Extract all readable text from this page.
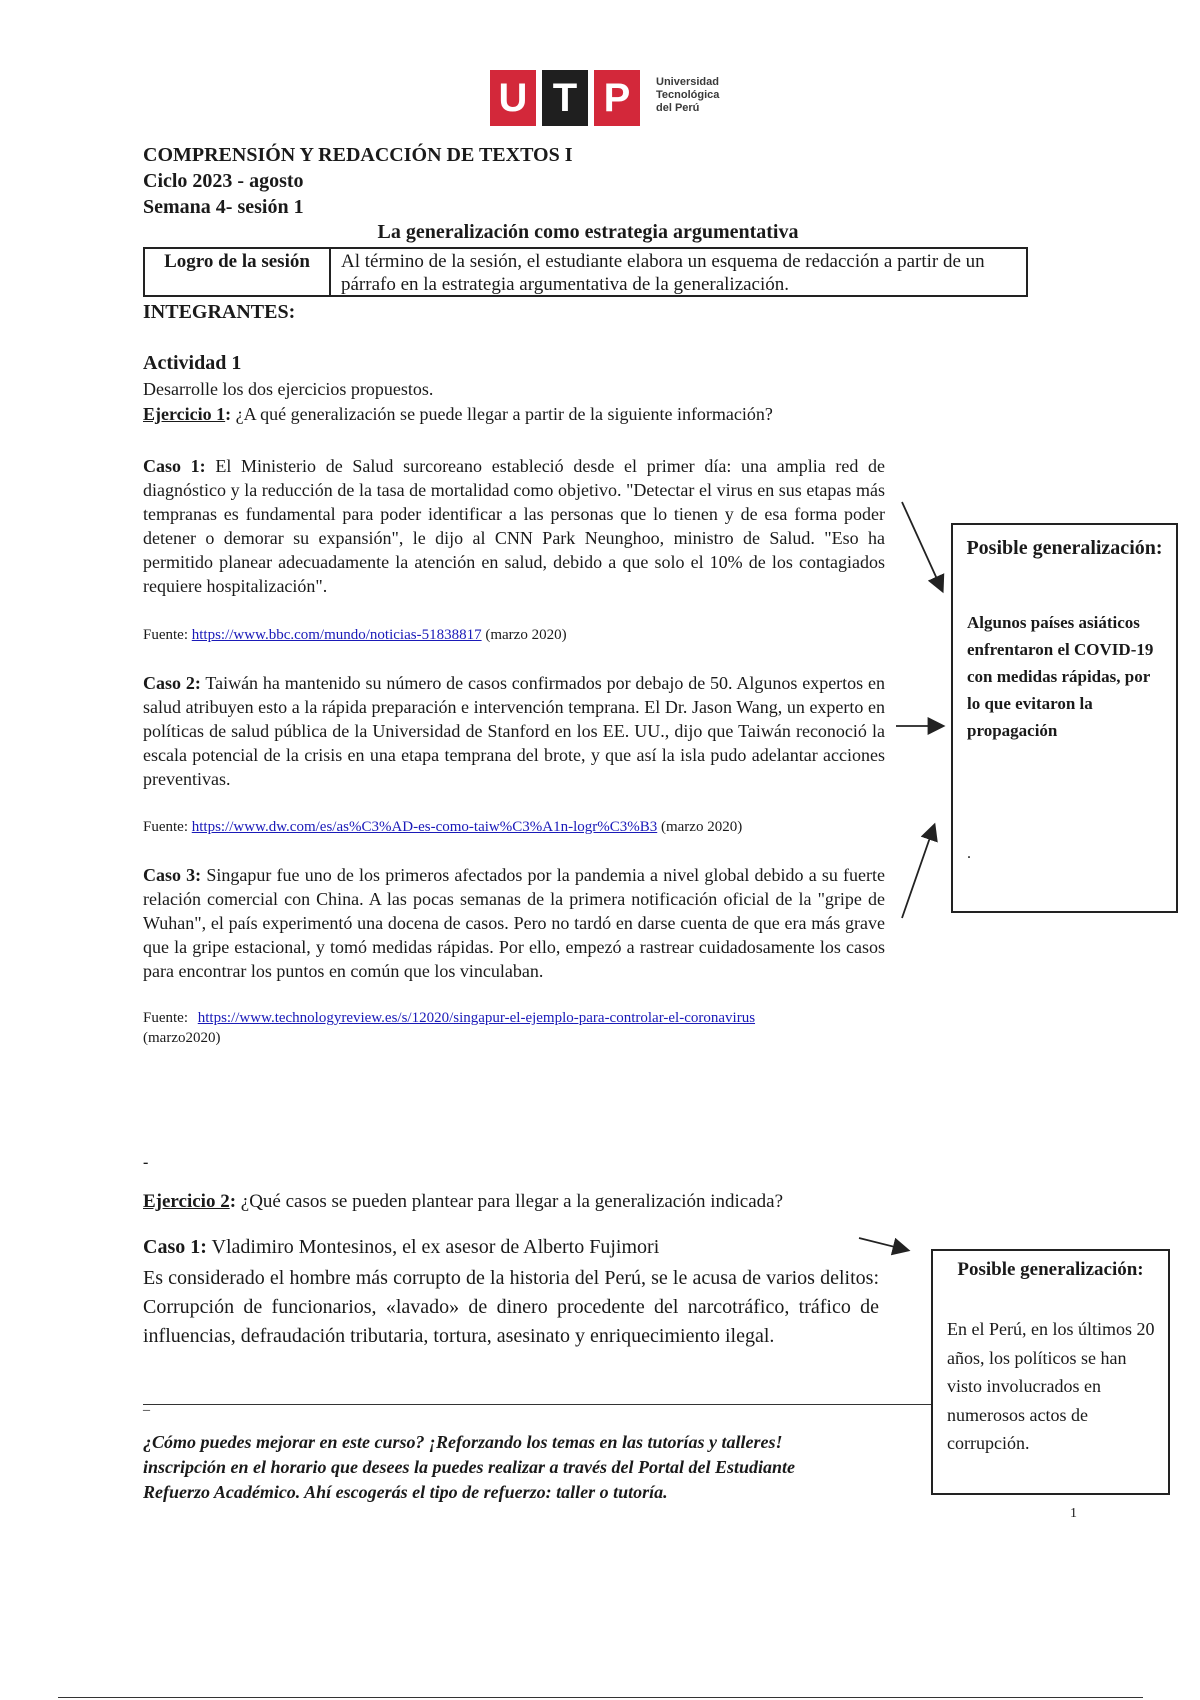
U T P	Universidad
Tecnológica
del Perú
COMPRENSIÓN Y REDACCIÓN DE TEXTOS I
Ciclo 2023 - agosto
Semana 4- sesión 1
La generalización como estrategia argumentativa
Logro de la sesión	Al término de la sesión, el estudiante elabora un esquema de redacción a partir de un párrafo en la estrategia argumentativa de la generalización.
INTEGRANTES:
Actividad 1
Desarrolle los dos ejercicios propuestos.
Ejercicio 1: ¿A qué generalización se puede llegar a partir de la siguiente información?
Caso 1: El Ministerio de Salud surcoreano estableció desde el primer día: una amplia red de diagnóstico y la reducción de la tasa de mortalidad como objetivo. "Detectar el virus en sus etapas más tempranas es fundamental para poder identificar a las personas que lo tienen y de esa forma poder detener o demorar su expansión", le dijo al CNN Park Neunghoo, ministro de Salud. "Eso ha permitido planear adecuadamente la atención en salud, debido a que solo el 10% de los contagiados requiere hospitalización".
Fuente: https://www.bbc.com/mundo/noticias-51838817 (marzo 2020)
Caso 2: Taiwán ha mantenido su número de casos confirmados por debajo de 50. Algunos expertos en salud atribuyen esto a la rápida preparación e intervención temprana. El Dr. Jason Wang, un experto en políticas de salud pública de la Universidad de Stanford en los EE. UU., dijo que Taiwán reconoció la escala potencial de la crisis en una etapa temprana del brote, y que así la isla pudo adelantar acciones preventivas.
Fuente: https://www.dw.com/es/as%C3%AD-es-como-taiw%C3%A1n-logr%C3%B3 (marzo 2020)
Caso 3: Singapur fue uno de los primeros afectados por la pandemia a nivel global debido a su fuerte relación comercial con China. A las pocas semanas de la primera notificación oficial de la "gripe de Wuhan", el país experimentó una docena de casos. Pero no tardó en darse cuenta de que era más grave que la gripe estacional, y tomó medidas rápidas. Por ello, empezó a rastrear cuidadosamente los casos para encontrar los puntos en común que los vinculaban.
Fuente: https://www.technologyreview.es/s/12020/singapur-el-ejemplo-para-controlar-el-coronavirus
(marzo2020)
Posible generalización:
Algunos países asiáticos enfrentaron el COVID-19 con medidas rápidas, por lo que evitaron la propagación
.
-
Ejercicio 2: ¿Qué casos se pueden plantear para llegar a la generalización indicada?
Caso 1: Vladimiro Montesinos, el ex asesor de Alberto Fujimori
Es considerado el hombre más corrupto de la historia del Perú, se le acusa de varios delitos: Corrupción de funcionarios, «lavado» de dinero procedente del narcotráfico, tráfico de influencias, defraudación tributaria, tortura, asesinato y enriquecimiento ilegal.
_
¿Cómo puedes mejorar en este curso? ¡Reforzando los temas en las tutorías y talleres!
inscripción en el horario que desees la puedes realizar a través del Portal del Estudiante
Refuerzo Académico. Ahí escogerás el tipo de refuerzo: taller o tutoría.
Posible generalización:
En el Perú, en los últimos 20 años, los políticos se han visto involucrados en numerosos actos de corrupción.
1
